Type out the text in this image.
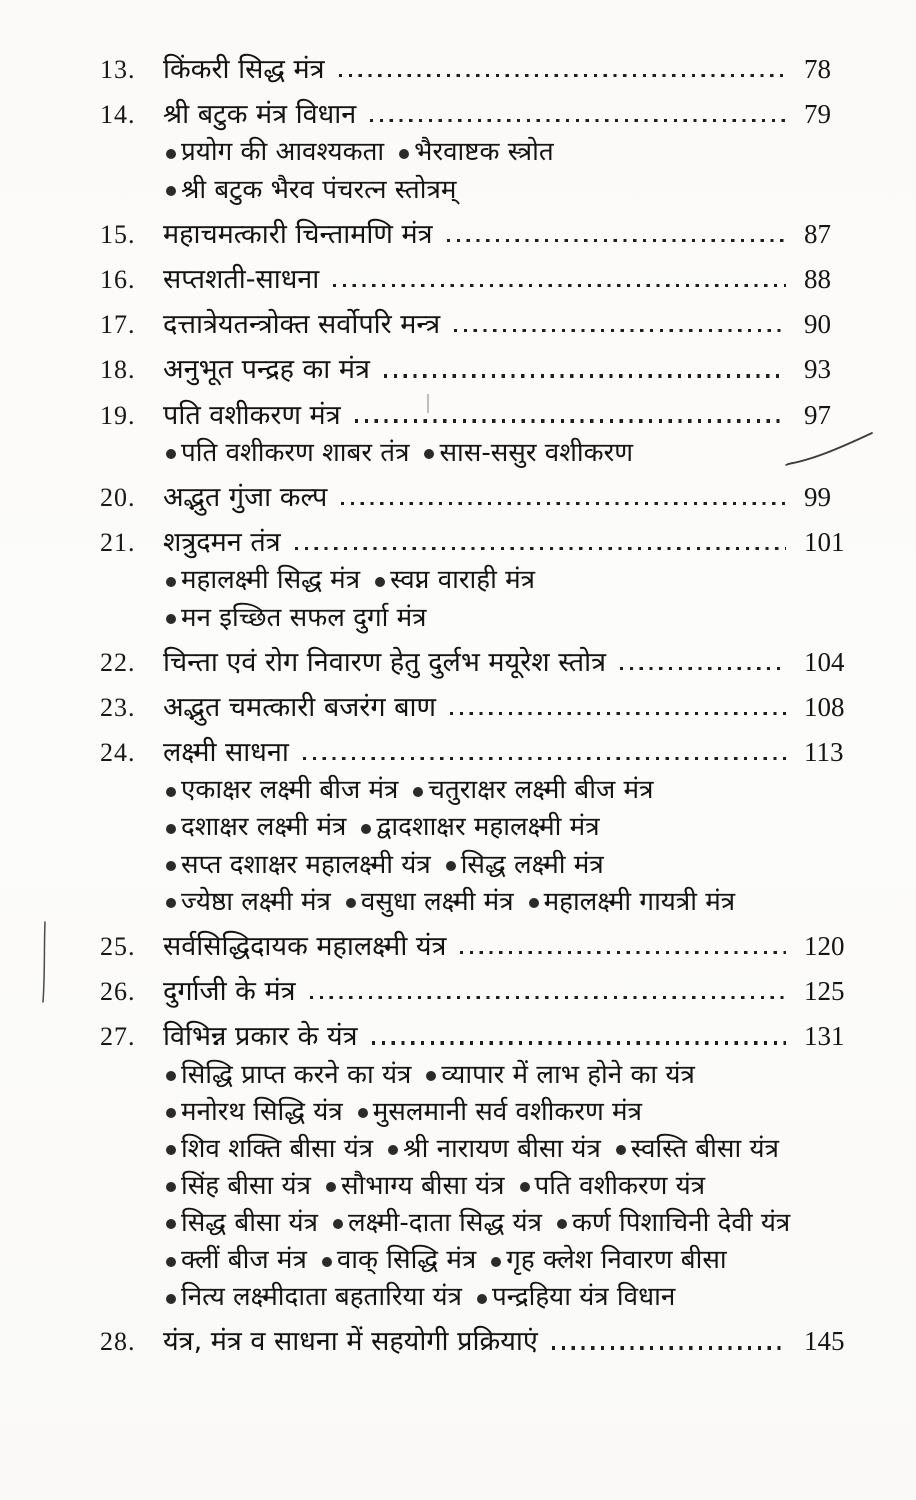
13.	किंकरी सिद्ध मंत्र	78
14.	श्री बटुक मंत्र विधान	79
प्रयोग की आवश्यकता भैरवाष्टक स्त्रोत
श्री बटुक भैरव पंचरत्न स्तोत्रम्
15.	महाचमत्कारी चिन्तामणि मंत्र	87
16.	सप्तशती-साधना	88
17.	दत्तात्रेयतन्त्रोक्त सर्वोपरि मन्त्र	90
18.	अनुभूत पन्द्रह का मंत्र	93
19.	पति वशीकरण मंत्र	97
पति वशीकरण शाबर तंत्र सास-ससुर वशीकरण
20.	अद्भुत गुंजा कल्प	99
21.	शत्रुदमन तंत्र	101
महालक्ष्मी सिद्ध मंत्र स्वप्न वाराही मंत्र
मन इच्छित सफल दुर्गा मंत्र
22.	चिन्ता एवं रोग निवारण हेतु दुर्लभ मयूरेश स्तोत्र	104
23.	अद्भुत चमत्कारी बजरंग बाण	108
24.	लक्ष्मी साधना	113
एकाक्षर लक्ष्मी बीज मंत्र चतुराक्षर लक्ष्मी बीज मंत्र
दशाक्षर लक्ष्मी मंत्र द्वादशाक्षर महालक्ष्मी मंत्र
सप्त दशाक्षर महालक्ष्मी यंत्र सिद्ध लक्ष्मी मंत्र
ज्येष्ठा लक्ष्मी मंत्र वसुधा लक्ष्मी मंत्र महालक्ष्मी गायत्री मंत्र
25.	सर्वसिद्धिदायक महालक्ष्मी यंत्र	120
26.	दुर्गाजी के मंत्र	125
27.	विभिन्न प्रकार के यंत्र	131
सिद्धि प्राप्त करने का यंत्र व्यापार में लाभ होने का यंत्र
मनोरथ सिद्धि यंत्र मुसलमानी सर्व वशीकरण मंत्र
शिव शक्ति बीसा यंत्र श्री नारायण बीसा यंत्र स्वस्ति बीसा यंत्र
सिंह बीसा यंत्र सौभाग्य बीसा यंत्र पति वशीकरण यंत्र
सिद्ध बीसा यंत्र लक्ष्मी-दाता सिद्ध यंत्र कर्ण पिशाचिनी देवी यंत्र
क्लीं बीज मंत्र वाक् सिद्धि मंत्र गृह क्लेश निवारण बीसा
नित्य लक्ष्मीदाता बहतारिया यंत्र पन्द्रहिया यंत्र विधान
28.	यंत्र, मंत्र व साधना में सहयोगी प्रक्रियाएं	145
